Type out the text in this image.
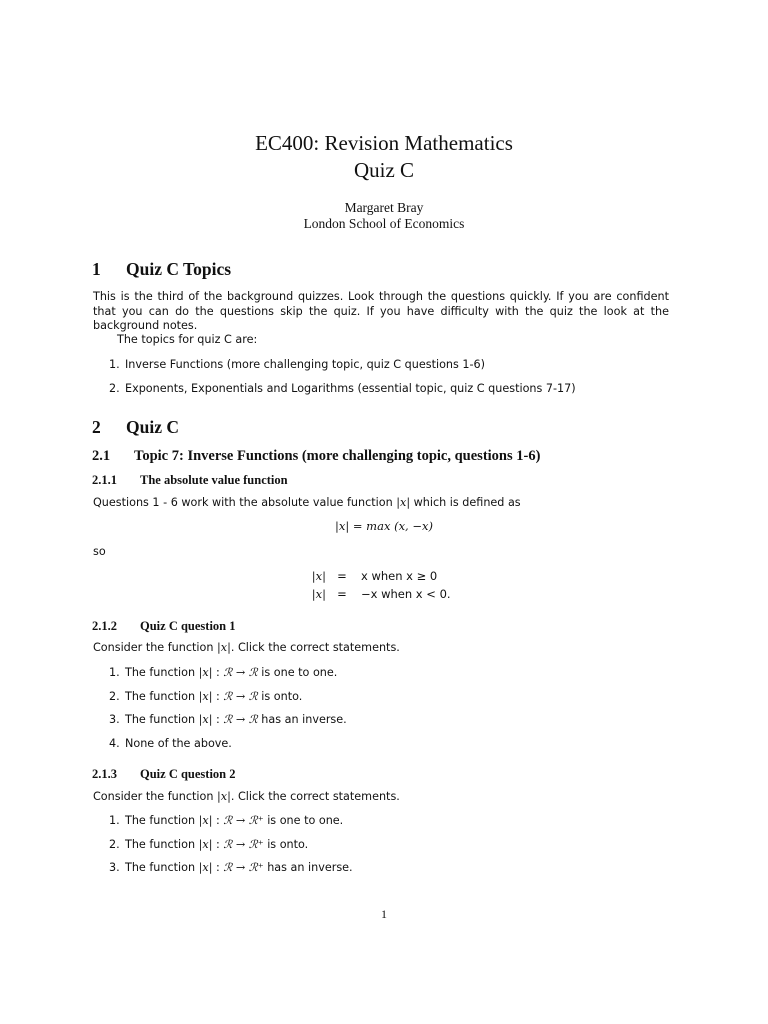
EC400: Revision Mathematics
Quiz C
Margaret Bray
London School of Economics
1 Quiz C Topics
This is the third of the background quizzes. Look through the questions quickly. If you are confident that you can do the questions skip the quiz. If you have difficulty with the quiz the look at the background notes.
The topics for quiz C are:
1. Inverse Functions (more challenging topic, quiz C questions 1-6)
2. Exponents, Exponentials and Logarithms (essential topic, quiz C questions 7-17)
2 Quiz C
2.1 Topic 7: Inverse Functions (more challenging topic, questions 1-6)
2.1.1 The absolute value function
Questions 1 - 6 work with the absolute value function |x| which is defined as
|x| = max (x, −x)
so
|x| = x when x ≥ 0
|x| = −x when x < 0.
2.1.2 Quiz C question 1
Consider the function |x|. Click the correct statements.
1. The function |x| : ℛ → ℛ is one to one.
2. The function |x| : ℛ → ℛ is onto.
3. The function |x| : ℛ → ℛ has an inverse.
4. None of the above.
2.1.3 Quiz C question 2
Consider the function |x|. Click the correct statements.
1. The function |x| : ℛ → ℛ⁺ is one to one.
2. The function |x| : ℛ → ℛ⁺ is onto.
3. The function |x| : ℛ → ℛ⁺ has an inverse.
1
